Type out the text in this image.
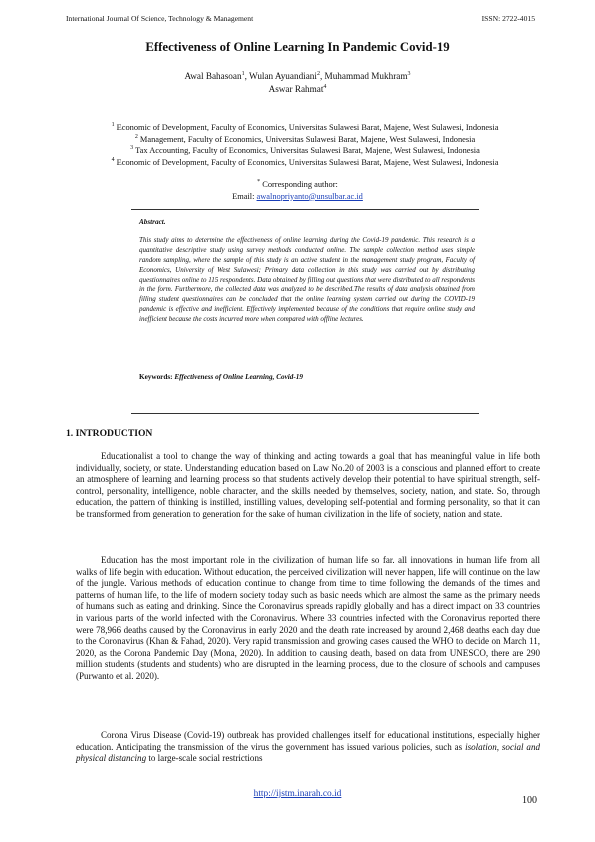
International Journal Of Science, Technology & Management	ISSN: 2722-4015
Effectiveness of Online Learning In Pandemic Covid-19
Awal Bahasoan$^1$, Wulan Ayuandiani$^2$, Muhammad Mukhram$^3$
Aswar Rahmat$^4$
$^1$ Economic of Development, Faculty of Economics, Universitas Sulawesi Barat, Majene, West Sulawesi, Indonesia
$^2$ Management, Faculty of Economics, Universitas Sulawesi Barat, Majene, West Sulawesi, Indonesia
$^3$ Tax Accounting, Faculty of Economics, Universitas Sulawesi Barat, Majene, West Sulawesi, Indonesia
$^4$ Economic of Development, Faculty of Economics, Universitas Sulawesi Barat, Majene, West Sulawesi, Indonesia
* Corresponding author:
Email: awalnopriyanto@unsulbar.ac.id
Abstract.
This study aims to determine the effectiveness of online learning during the Covid-19 pandemic. This research is a quantitative descriptive study using survey methods conducted online. The sample collection method uses simple random sampling, where the sample of this study is an active student in the management study program, Faculty of Economics, University of West Sulawesi; Primary data collection in this study was carried out by distributing questionnaires online to 115 respondents. Data obtained by filling out questions that were distributed to all respondents in the form. Furthermore, the collected data was analyzed to be described.The results of data analysis obtained from filling student questionnaires can be concluded that the online learning system carried out during the COVID-19 pandemic is effective and inefficient. Effectively implemented because of the conditions that require online study and inefficient because the costs incurred more when compared with offline lectures.
Keywords: Effectiveness of Online Learning, Covid-19
1. INTRODUCTION

Educationalist a tool to change the way of thinking and acting towards a goal that has meaningful value in life both individually, society, or state. Understanding education based on Law No.20 of 2003 is a conscious and planned effort to create an atmosphere of learning and learning process so that students actively develop their potential to have spiritual strength, self-control, personality, intelligence, noble character, and the skills needed by themselves, society, nation, and state. So, through education, the pattern of thinking is instilled, instilling values, developing self-potential and forming personality, so that it can be transformed from generation to generation for the sake of human civilization in the life of society, nation and state.

Education has the most important role in the civilization of human life so far. all innovations in human life from all walks of life begin with education. Without education, the perceived civilization will never happen, life will continue on the law of the jungle. Various methods of education continue to change from time to time following the demands of the times and patterns of human life, to the life of modern society today such as basic needs which are almost the same as the primary needs of humans such as eating and drinking. Since the Coronavirus spreads rapidly globally and has a direct impact on 33 countries in various parts of the world infected with the Coronavirus. Where 33 countries infected with the Coronavirus reported there were 78,966 deaths caused by the Coronavirus in early 2020 and the death rate increased by around 2,468 deaths each day due to the Coronavirus (Khan & Fahad, 2020). Very rapid transmission and growing cases caused the WHO to decide on March 11, 2020, as the Corona Pandemic Day (Mona, 2020). In addition to causing death, based on data from UNESCO, there are 290 million students (students and students) who are disrupted in the learning process, due to the closure of schools and campuses (Purwanto et al. 2020).

Corona Virus Disease (Covid-19) outbreak has provided challenges itself for educational institutions, especially higher education. Anticipating the transmission of the virus the government has issued various policies, such as isolation, social and physical distancing to large-scale social restrictions

http://ijstm.inarah.co.id
100
